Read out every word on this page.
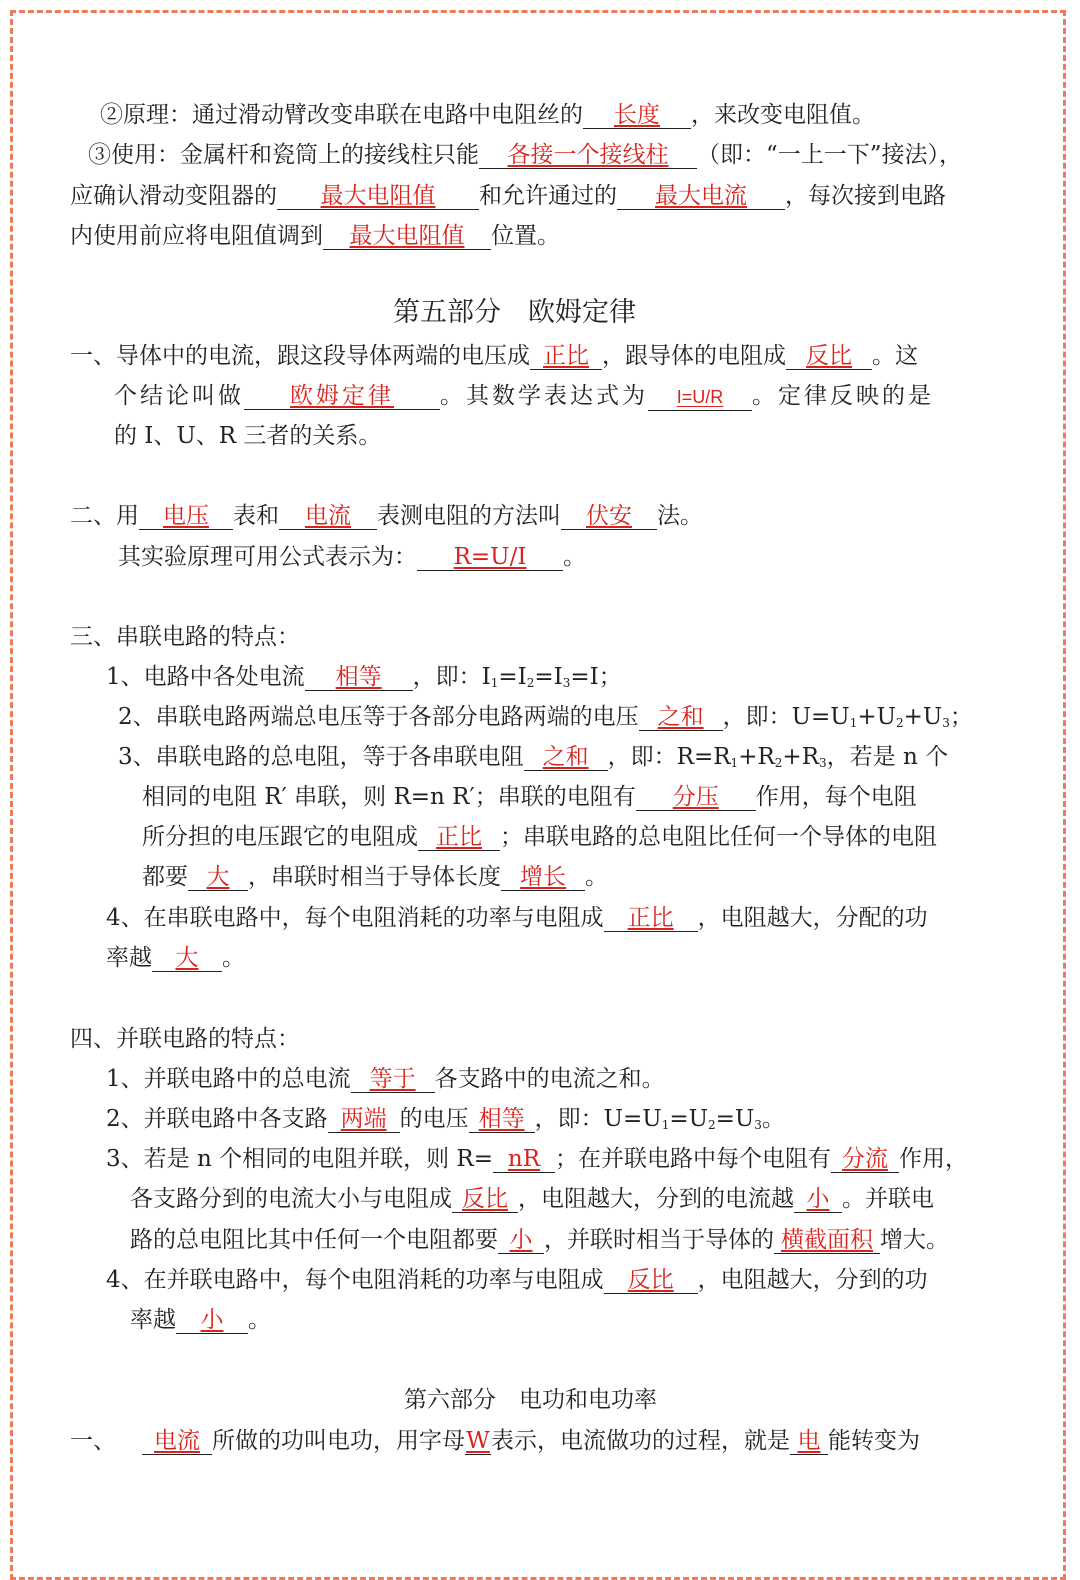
②原理：通过滑动臂改变串联在电路中电阻丝的 长度 ，来改变电阻值。
③使用：金属杆和瓷筒上的接线柱只能 各接一个接线柱 （即：“一上一下”接法），
应确认滑动变阻器的 最大电阻值 和允许通过的 最大电流 ，每次接到电路
内使用前应将电阻值调到 最大电阻值 位置。
第五部分　欧姆定律
一、导体中的电流，跟这段导体两端的电压成 正比 ，跟导体的电阻成 反比 。这
个结论叫做 欧姆定律 。其数学表达式为 I=U/R 。定律反映的是
的 I、U、R 三者的关系。
二、用 电压 表和 电流 表测电阻的方法叫 伏安 法。
其实验原理可用公式表示为： R=U/I 。
三、串联电路的特点：
1、电路中各处电流 相等 ，即：$I_1=I_2=I_3=I$；
2、串联电路两端总电压等于各部分电路两端的电压 之和 ，即：$U=U_1+U_2+U_3$；
3、串联电路的总电阻，等于各串联电阻 之和 ，即：$R=R_1+R_2+R_3$，若是 n 个
相同的电阻 R′ 串联，则 R=n R′；串联的电阻有 分压 作用，每个电阻
所分担的电压跟它的电阻成 正比 ；串联电路的总电阻比任何一个导体的电阻
都要 大 ，串联时相当于导体长度 增长 。
4、在串联电路中，每个电阻消耗的功率与电阻成 正比 ，电阻越大，分配的功
率越 大 。
四、并联电路的特点：
1、并联电路中的总电流 等于 各支路中的电流之和。
2、并联电路中各支路 两端 的电压 相等 ，即：$U=U_1=U_2=U_3$。
3、若是 n 个相同的电阻并联，则 R= nR ；在并联电路中每个电阻有 分流 作用，
各支路分到的电流大小与电阻成 反比 ，电阻越大，分到的电流越 小 。并联电
路的总电阻比其中任何一个电阻都要 小 ，并联时相当于导体的 横截面积 增大。
4、在并联电路中，每个电阻消耗的功率与电阻成 反比 ，电阻越大，分到的功
率越 小 。
第六部分　电功和电功率
一、 电流 所做的功叫电功，用字母W表示，电流做功的过程，就是 电 能转变为
